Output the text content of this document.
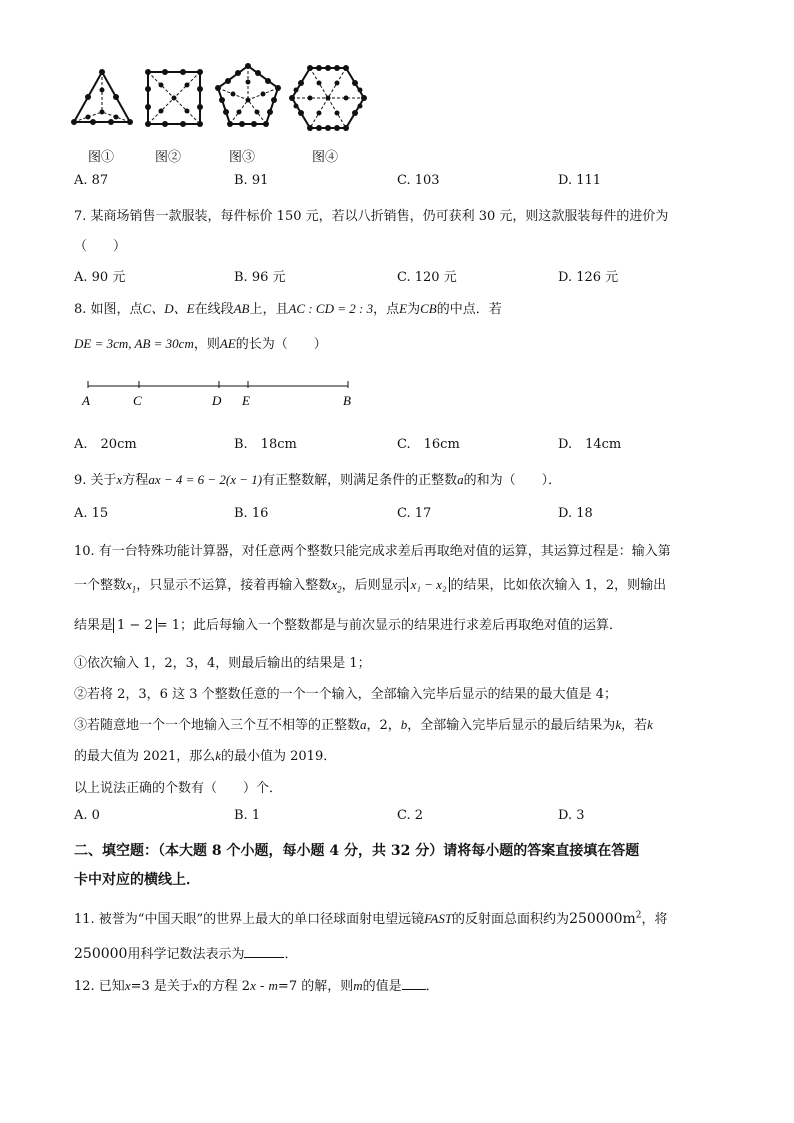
图①	图②	图③	图④
A. 87	B. 91	C. 103	D. 111
7. 某商场销售一款服装，每件标价 150 元，若以八折销售，仍可获利 30 元，则这款服装每件的进价为
（　　）
A. 90 元	B. 96 元	C. 120 元	D. 126 元
8. 如图，点C、D、E在线段AB上，且AC : CD = 2 : 3，点E为CB的中点．若
DE = 3cm, AB = 30cm，则AE的长为（　　）
A	C	D E	B
A.　20cm	B.　18cm	C.　16cm	D.　14cm
9. 关于x方程ax − 4 = 6 − 2(x − 1)有正整数解，则满足条件的正整数a的和为（　　）．
A. 15	B. 16	C. 17	D. 18
10. 有一台特殊功能计算器，对任意两个整数只能完成求差后再取绝对值的运算，其运算过程是：输入第
一个整数$x_1$，只显示不运算，接着再输入整数$x_2$，后则显示 x₁ − x₂ 的结果，比如依次输入 1，2，则输出
结果是 1 − 2 = 1；此后每输入一个整数都是与前次显示的结果进行求差后再取绝对值的运算．
①依次输入 1，2，3，4，则最后输出的结果是 1；
②若将 2，3，6 这 3 个整数任意的一个一个输入，全部输入完毕后显示的结果的最大值是 4；
③若随意地一个一个地输入三个互不相等的正整数a，2，b，全部输入完毕后显示的最后结果为k，若k
的最大值为 2021，那么k的最小值为 2019．
以上说法正确的个数有（　　）个．
A. 0	B. 1	C. 2	D. 3
二、填空题：（本大题 8 个小题，每小题 4 分，共 32 分）请将每小题的答案直接填在答题
卡中对应的横线上．
11. 被誉为“中国天眼”的世界上最大的单口径球面射电望远镜FAST的反射面总面积约为$250000m^2$，将
250000用科学记数法表示为	．
12. 已知x=3 是关于x的方程 2x - m=7 的解，则m的值是 ．
